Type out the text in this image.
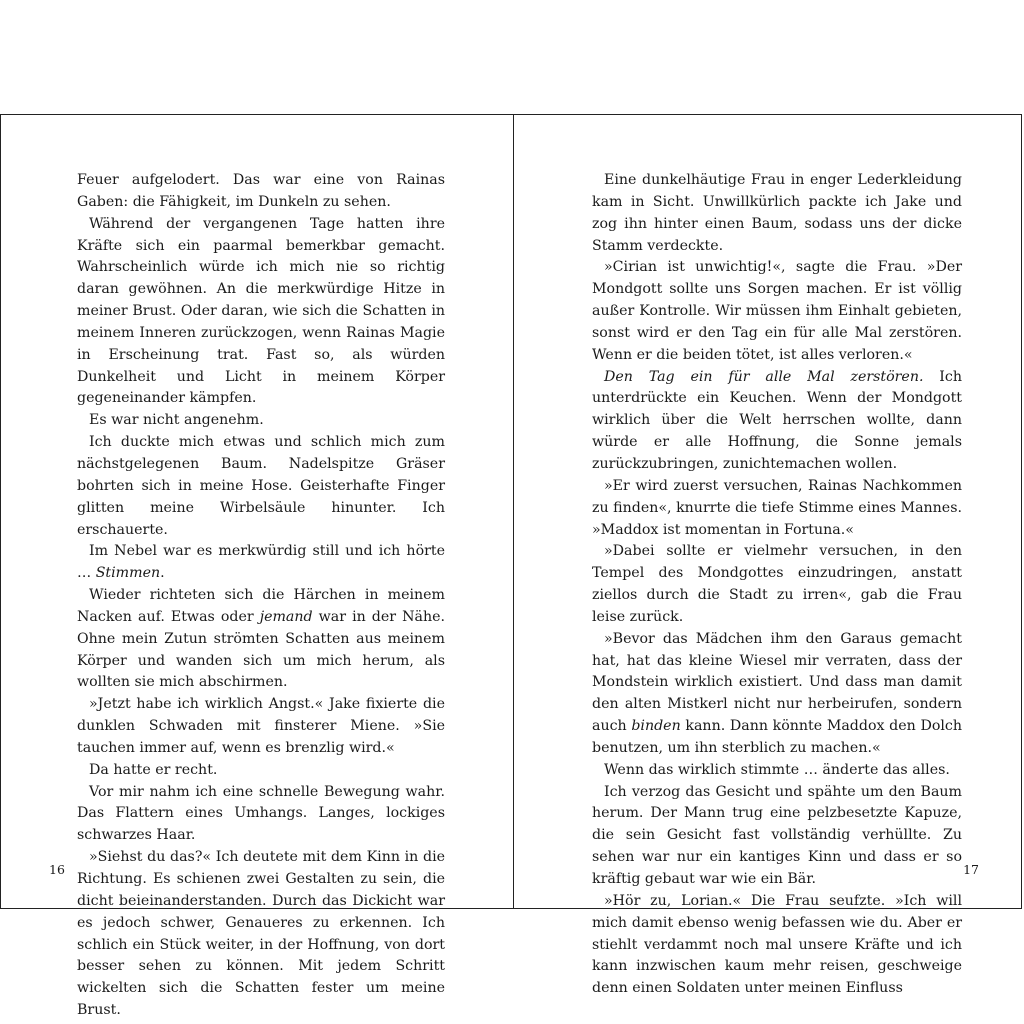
Feuer aufgelodert. Das war eine von Rainas Gaben: die Fähigkeit, im Dunkeln zu sehen.

Während der vergangenen Tage hatten ihre Kräfte sich ein paarmal bemerkbar gemacht. Wahrscheinlich würde ich mich nie so richtig daran gewöhnen. An die merkwürdige Hitze in meiner Brust. Oder daran, wie sich die Schatten in meinem Inneren zurückzogen, wenn Rainas Magie in Erscheinung trat. Fast so, als würden Dunkelheit und Licht in meinem Körper gegeneinander kämpfen.

Es war nicht angenehm.

Ich duckte mich etwas und schlich mich zum nächstgelegenen Baum. Nadelspitze Gräser bohrten sich in meine Hose. Geisterhafte Finger glitten meine Wirbelsäule hinunter. Ich erschauerte.

Im Nebel war es merkwürdig still und ich hörte … Stimmen.

Wieder richteten sich die Härchen in meinem Nacken auf. Etwas oder jemand war in der Nähe. Ohne mein Zutun strömten Schatten aus meinem Körper und wanden sich um mich herum, als wollten sie mich abschirmen.

»Jetzt habe ich wirklich Angst.« Jake fixierte die dunklen Schwaden mit finsterer Miene. »Sie tauchen immer auf, wenn es brenzlig wird.«

Da hatte er recht.

Vor mir nahm ich eine schnelle Bewegung wahr. Das Flattern eines Umhangs. Langes, lockiges schwarzes Haar.

»Siehst du das?« Ich deutete mit dem Kinn in die Richtung. Es schienen zwei Gestalten zu sein, die dicht beieinanderstanden. Durch das Dickicht war es jedoch schwer, Genaueres zu erkennen. Ich schlich ein Stück weiter, in der Hoffnung, von dort besser sehen zu können. Mit jedem Schritt wickelten sich die Schatten fester um meine Brust.

16

Eine dunkelhäutige Frau in enger Lederkleidung kam in Sicht. Unwillkürlich packte ich Jake und zog ihn hinter einen Baum, sodass uns der dicke Stamm verdeckte.

»Cirian ist unwichtig!«, sagte die Frau. »Der Mondgott sollte uns Sorgen machen. Er ist völlig außer Kontrolle. Wir müssen ihm Einhalt gebieten, sonst wird er den Tag ein für alle Mal zerstören. Wenn er die beiden tötet, ist alles verloren.«

Den Tag ein für alle Mal zerstören. Ich unterdrückte ein Keuchen. Wenn der Mondgott wirklich über die Welt herrschen wollte, dann würde er alle Hoffnung, die Sonne jemals zurückzubringen, zunichtemachen wollen.

»Er wird zuerst versuchen, Rainas Nachkommen zu finden«, knurrte die tiefe Stimme eines Mannes. »Maddox ist momentan in Fortuna.«

»Dabei sollte er vielmehr versuchen, in den Tempel des Mondgottes einzudringen, anstatt ziellos durch die Stadt zu irren«, gab die Frau leise zurück.

»Bevor das Mädchen ihm den Garaus gemacht hat, hat das kleine Wiesel mir verraten, dass der Mondstein wirklich existiert. Und dass man damit den alten Mistkerl nicht nur herbeirufen, sondern auch binden kann. Dann könnte Maddox den Dolch benutzen, um ihn sterblich zu machen.«

Wenn das wirklich stimmte … änderte das alles.

Ich verzog das Gesicht und spähte um den Baum herum. Der Mann trug eine pelzbesetzte Kapuze, die sein Gesicht fast vollständig verhüllte. Zu sehen war nur ein kantiges Kinn und dass er so kräftig gebaut war wie ein Bär.

»Hör zu, Lorian.« Die Frau seufzte. »Ich will mich damit ebenso wenig befassen wie du. Aber er stiehlt verdammt noch mal unsere Kräfte und ich kann inzwischen kaum mehr reisen, geschweige denn einen Soldaten unter meinen Einfluss

17
